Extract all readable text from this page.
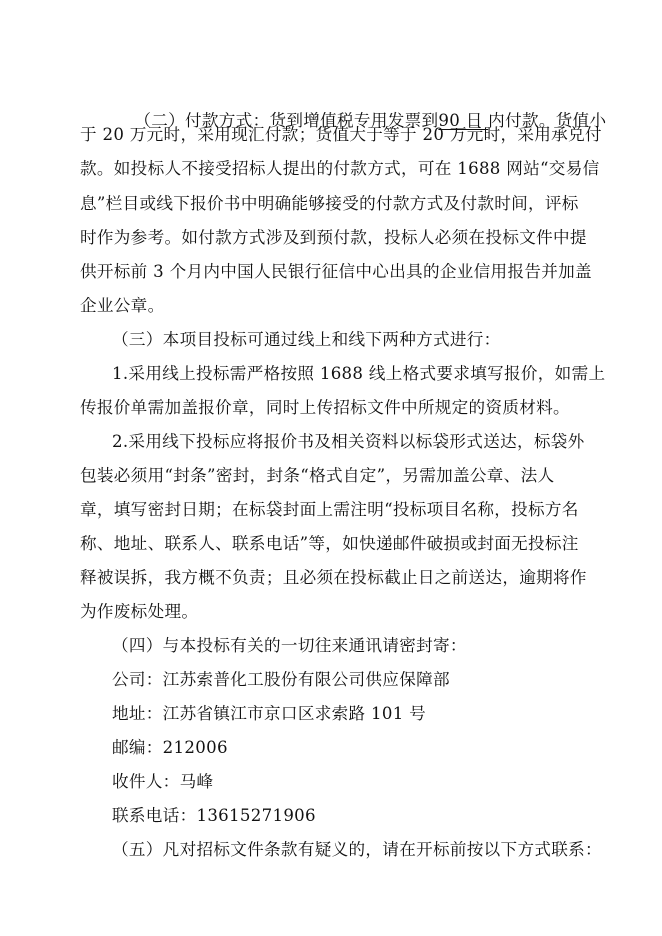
（二）付款方式：货到增值税专用发票到90 日 内付款。货值小

于 20 万元时，采用现汇付款；货值大于等于 20 万元时，采用承兑付
款。如投标人不接受招标人提出的付款方式，可在 1688 网站“交易信
息”栏目或线下报价书中明确能够接受的付款方式及付款时间，评标
时作为参考。如付款方式涉及到预付款，投标人必须在投标文件中提
供开标前 3 个月内中国人民银行征信中心出具的企业信用报告并加盖
企业公章。
（三）本项目投标可通过线上和线下两种方式进行：
1.采用线上投标需严格按照 1688 线上格式要求填写报价，如需上
传报价单需加盖报价章，同时上传招标文件中所规定的资质材料。
2.采用线下投标应将报价书及相关资料以标袋形式送达，标袋外
包装必须用“封条”密封，封条“格式自定”，另需加盖公章、法人
章，填写密封日期；在标袋封面上需注明“投标项目名称，投标方名
称、地址、联系人、联系电话”等，如快递邮件破损或封面无投标注
释被误拆，我方概不负责；且必须在投标截止日之前送达，逾期将作
为作废标处理。
（四）与本投标有关的一切往来通讯请密封寄：
公司：江苏索普化工股份有限公司供应保障部
地址：江苏省镇江市京口区求索路 101 号
邮编：212006
收件人：马峰
联系电话：13615271906
（五）凡对招标文件条款有疑义的，请在开标前按以下方式联系：
